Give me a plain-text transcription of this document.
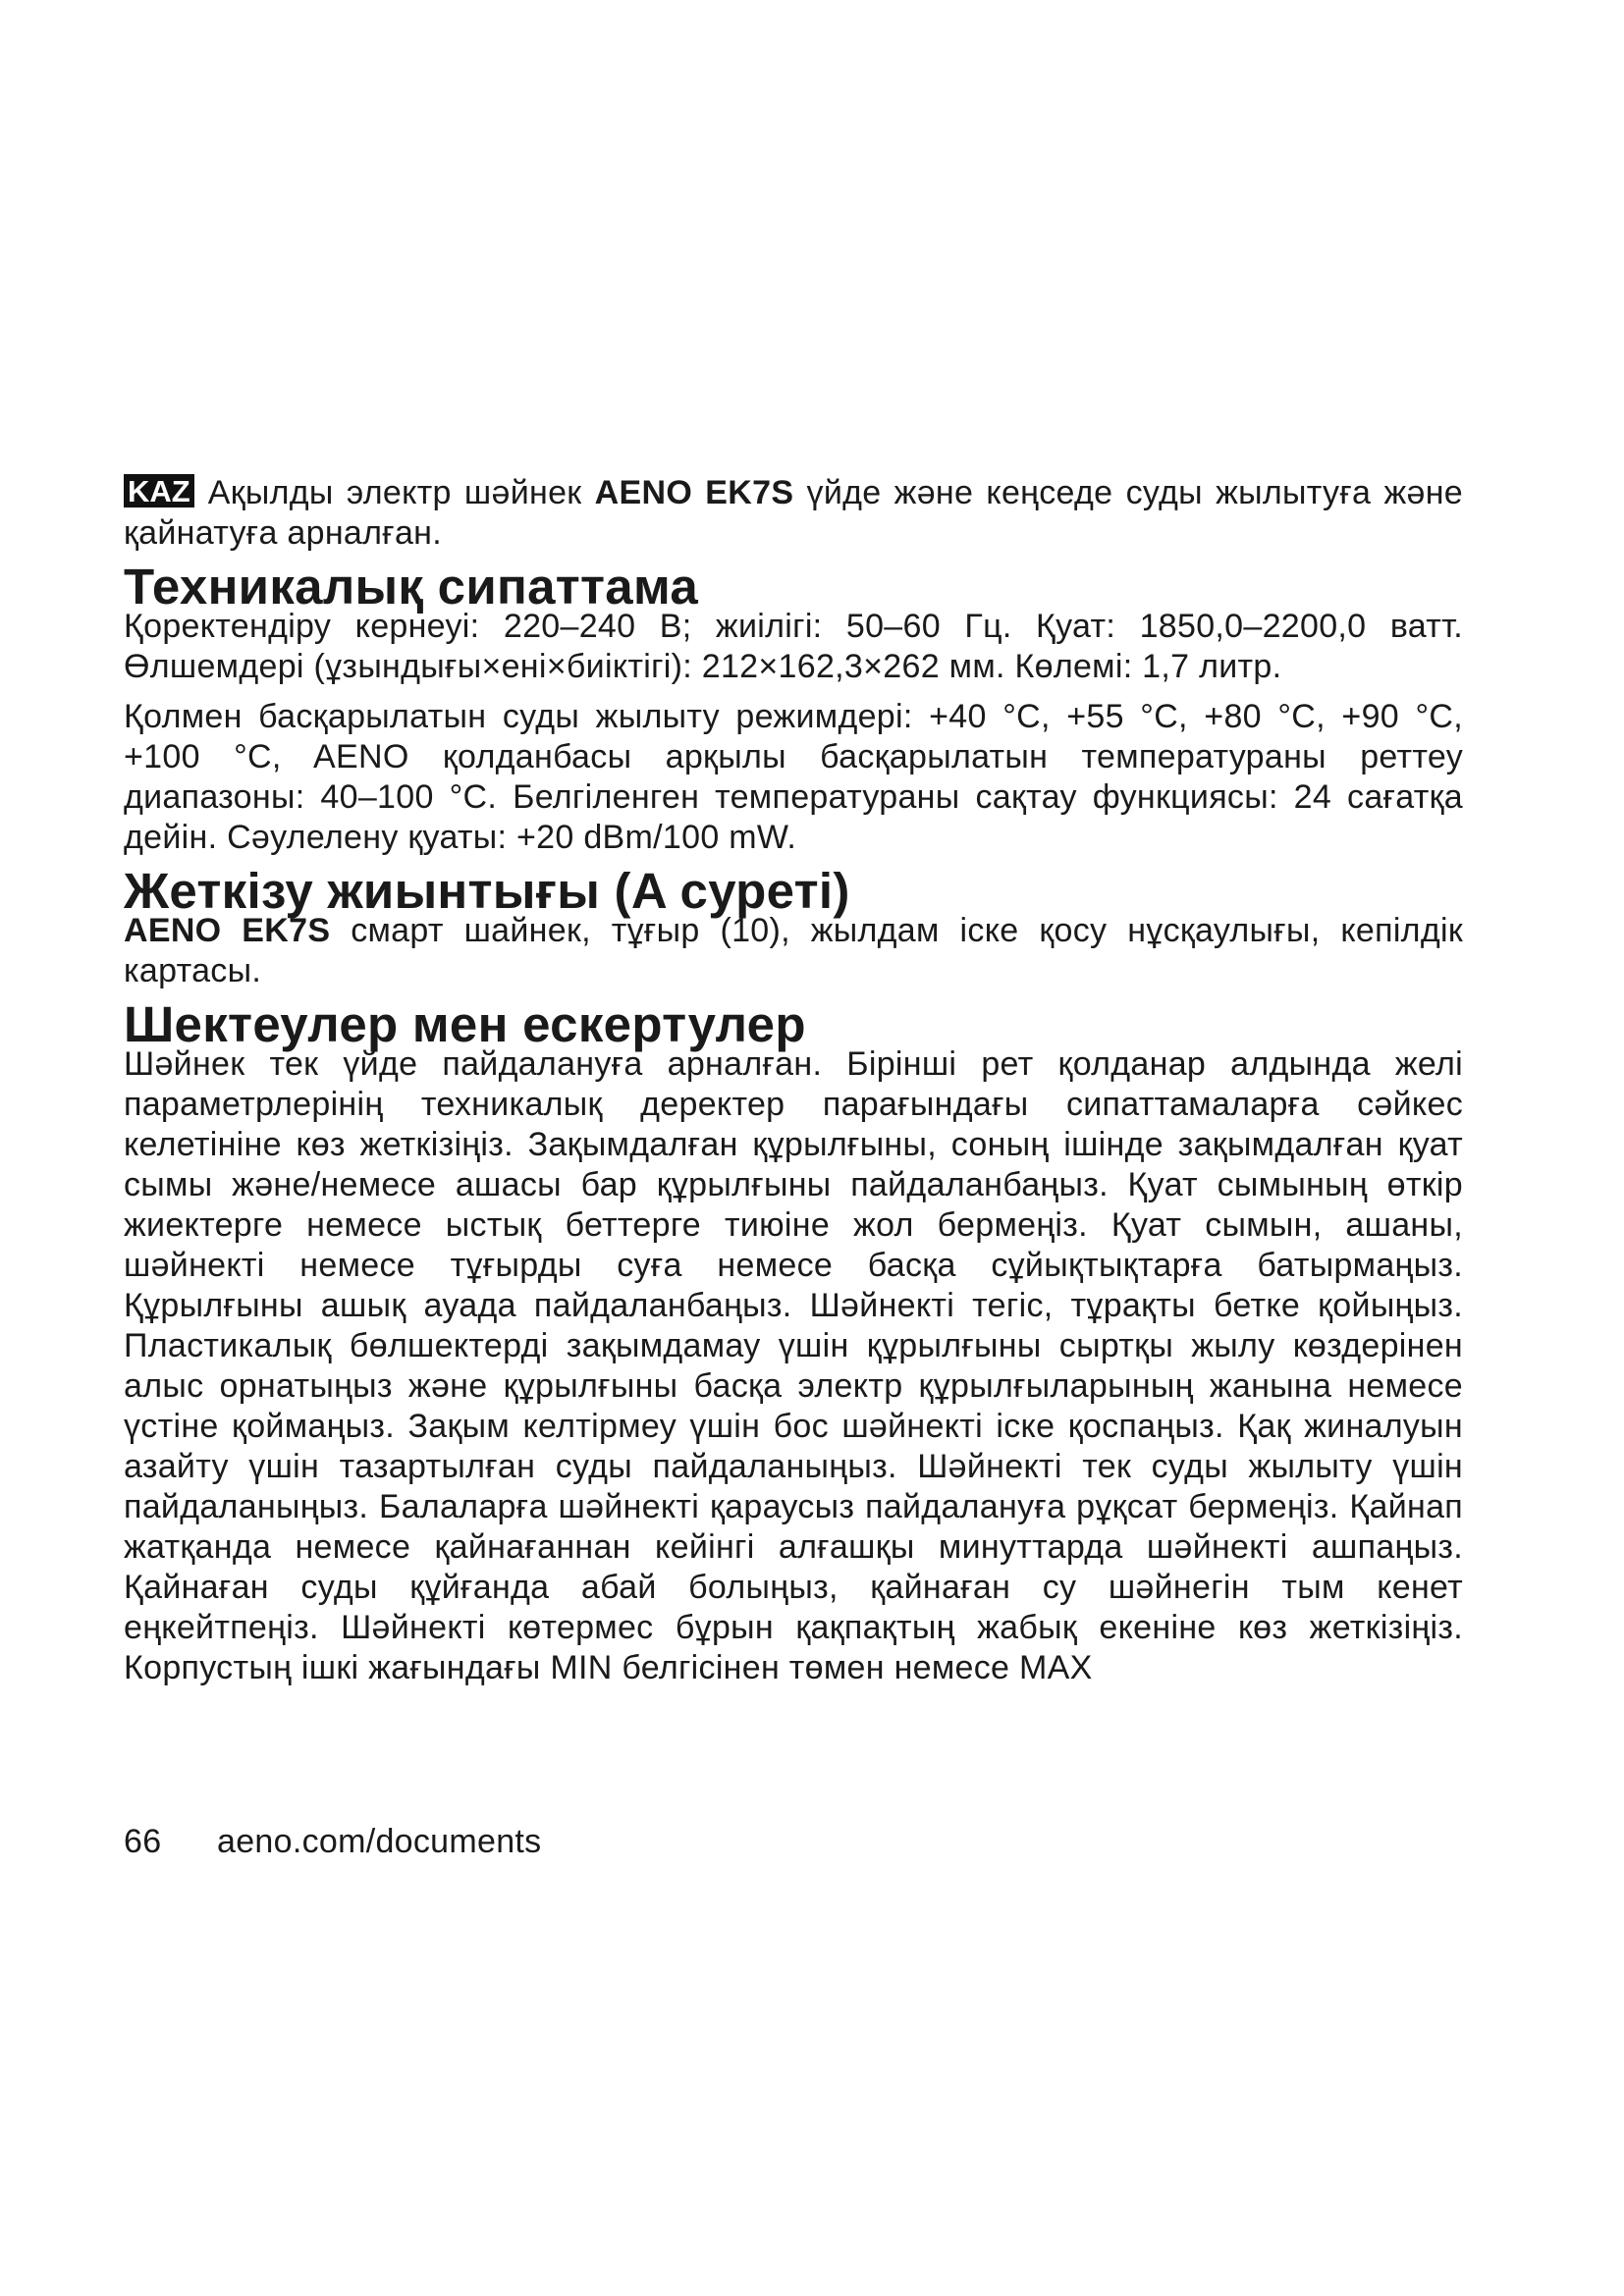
KAZ Ақылды электр шәйнек AENO EK7S үйде және кеңседе суды жылытуға және қайнатуға арналған.

Техникалық сипаттама

Қоректендіру кернеуі: 220–240 В; жиілігі: 50–60 Гц. Қуат: 1850,0–2200,0 ватт. Өлшемдері (ұзындығы×ені×биіктігі): 212×162,3×262 мм. Көлемі: 1,7 литр.

Қолмен басқарылатын суды жылыту режимдері: +40 °C, +55 °C, +80 °C, +90 °C, +100 °C, AENO қолданбасы арқылы басқарылатын температураны реттеу диапазоны: 40–100 °C. Белгіленген температураны сақтау функциясы: 24 сағатқа дейін. Сәулелену қуаты: +20 dBm/100 mW.

Жеткізу жиынтығы (A суреті)

AENO EK7S смарт шайнек, тұғыр (10), жылдам іске қосу нұсқаулығы, кепілдік картасы.

Шектеулер мен ескертулер

Шәйнек тек үйде пайдалануға арналған. Бірінші рет қолданар алдында желі параметрлерінің техникалық деректер парағындағы сипаттамаларға сәйкес келетініне көз жеткізіңіз. Зақымдалған құрылғыны, соның ішінде зақымдалған қуат сымы және/немесе ашасы бар құрылғыны пайдаланбаңыз. Қуат сымының өткір жиектерге немесе ыстық беттерге тиюіне жол бермеңіз. Қуат сымын, ашаны, шәйнекті немесе тұғырды суға немесе басқа сұйықтықтарға батырмаңыз. Құрылғыны ашық ауада пайдаланбаңыз. Шәйнекті тегіс, тұрақты бетке қойыңыз. Пластикалық бөлшектерді зақымдамау үшін құрылғыны сыртқы жылу көздерінен алыс орнатыңыз және құрылғыны басқа электр құрылғыларының жанына немесе үстіне қоймаңыз. Зақым келтірмеу үшін бос шәйнекті іске қоспаңыз. Қақ жиналуын азайту үшін тазартылған суды пайдаланыңыз. Шәйнекті тек суды жылыту үшін пайдаланыңыз. Балаларға шәйнекті қараусыз пайдалануға рұқсат бермеңіз. Қайнап жатқанда немесе қайнағаннан кейінгі алғашқы минуттарда шәйнекті ашпаңыз. Қайнаған суды құйғанда абай болыңыз, қайнаған су шәйнегін тым кенет еңкейтпеңіз. Шәйнекті көтермес бұрын қақпақтың жабық екеніне көз жеткізіңіз. Корпустың ішкі жағындағы MIN белгісінен төмен немесе MAX

66 aeno.com/documents
